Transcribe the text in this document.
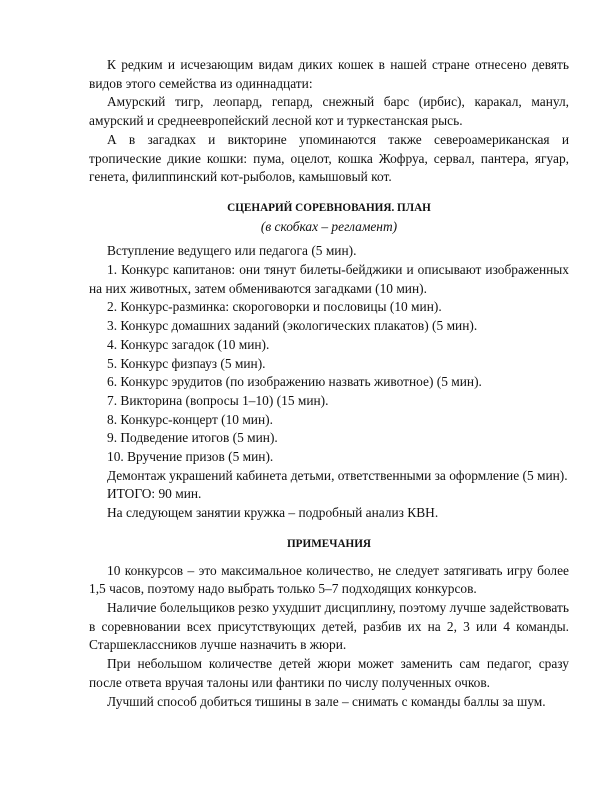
К редким и исчезающим видам диких кошек в нашей стране отнесено девять видов этого семейства из одиннадцати:

Амурский тигр, леопард, гепард, снежный барс (ирбис), каракал, манул, амурский и среднеевропейский лесной кот и туркестанская рысь.

А в загадках и викторине упоминаются также североамериканская и тропические дикие кошки: пума, оцелот, кошка Жофруа, сервал, пантера, ягуар, генета, филиппинский кот-рыболов, камышовый кот.

СЦЕНАРИЙ СОРЕВНОВАНИЯ. ПЛАН

(в скобках – регламент)

Вступление ведущего или педагога (5 мин).

1. Конкурс капитанов: они тянут билеты-бейджики и описывают изображенных на них животных, затем обмениваются загадками (10 мин).

2. Конкурс-разминка: скороговорки и пословицы (10 мин).

3. Конкурс домашних заданий (экологических плакатов) (5 мин).

4. Конкурс загадок (10 мин).

5. Конкурс физпауз (5 мин).

6. Конкурс эрудитов (по изображению назвать животное) (5 мин).

7. Викторина (вопросы 1–10) (15 мин).

8. Конкурс-концерт (10 мин).

9. Подведение итогов (5 мин).

10. Вручение призов (5 мин).

Демонтаж украшений кабинета детьми, ответственными за оформление (5 мин).

ИТОГО: 90 мин.

На следующем занятии кружка – подробный анализ КВН.

ПРИМЕЧАНИЯ

10 конкурсов – это максимальное количество, не следует затягивать игру более 1,5 часов, поэтому надо выбрать только 5–7 подходящих конкурсов.

Наличие болельщиков резко ухудшит дисциплину, поэтому лучше задействовать в соревновании всех присутствующих детей, разбив их на 2, 3 или 4 команды. Старшеклассников лучше назначить в жюри.

При небольшом количестве детей жюри может заменить сам педагог, сразу после ответа вручая талоны или фантики по числу полученных очков.

Лучший способ добиться тишины в зале – снимать с команды баллы за шум.
